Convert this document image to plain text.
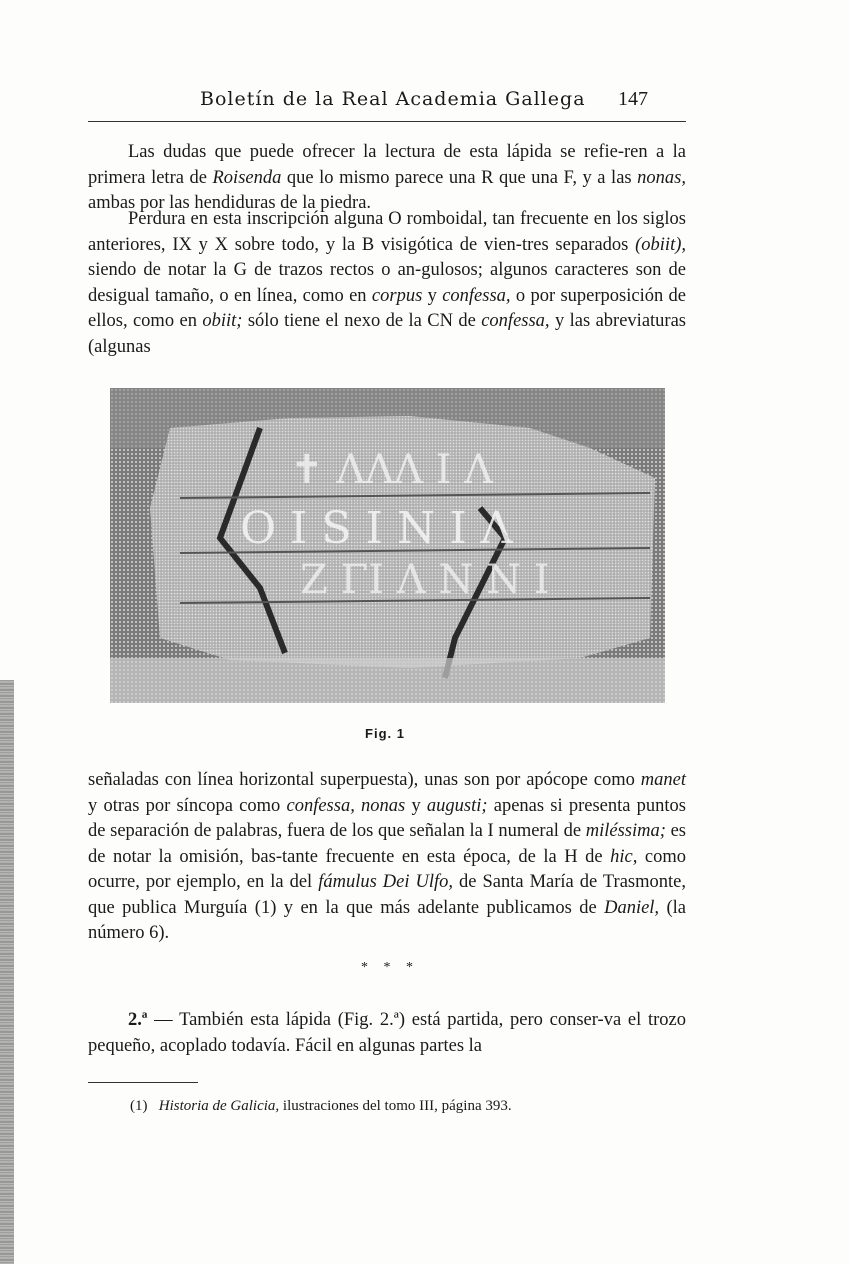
Boletín de la Real Academia Gallega 147

Las dudas que puede ofrecer la lectura de esta lápida se refie-ren a la primera letra de Roisenda que lo mismo parece una R que una F, y a las nonas, ambas por las hendiduras de la piedra.

Perdura en esta inscripción alguna O romboidal, tan frecuente en los siglos anteriores, IX y X sobre todo, y la B visigótica de vien-tres separados (obiit), siendo de notar la G de trazos rectos o an-gulosos; algunos caracteres son de desigual tamaño, o en línea, como en corpus y confessa, o por superposición de ellos, como en obiit; sólo tiene el nexo de la CN de confessa, y las abreviaturas (algunas

✝ ΛΛΛ Ι Λ
Ο Ι S Ι Ν Ι Λ
Ζ ΓΙ Λ Ν Ν Ι
Fig. 1

señaladas con línea horizontal superpuesta), unas son por apócope como manet y otras por síncopa como confessa, nonas y augusti; apenas si presenta puntos de separación de palabras, fuera de los que señalan la I numeral de miléssima; es de notar la omisión, bas-tante frecuente en esta época, de la H de hic, como ocurre, por ejemplo, en la del fámulus Dei Ulfo, de Santa María de Trasmonte, que publica Murguía (1) y en la que más adelante publicamos de Daniel, (la número 6).

* * *

2.ª — También esta lápida (Fig. 2.ª) está partida, pero conser-va el trozo pequeño, acoplado todavía. Fácil en algunas partes la

(1) Historia de Galicia, ilustraciones del tomo III, página 393.
